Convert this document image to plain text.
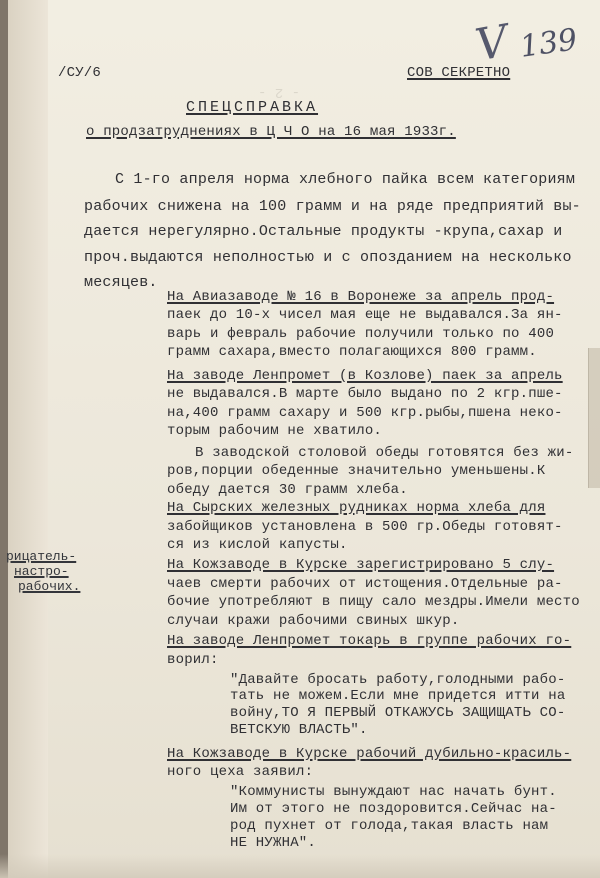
- 2 -
/СУ/6	СОВ СЕКРЕТНО
V 139
СПЕЦСПРАВКА
о продзатруднениях в Ц Ч О на 16 мая 1933г.
С 1-го апреля норма хлебного пайка всем категориям
рабочих снижена на 100 грамм и на ряде предприятий вы-
дается нерегулярно.Остальные продукты -крупа,сахар и
проч.выдаются неполностью и с опозданием на несколько
месяцев.
На Авиазаводе № 16 в Воронеже за апрель прод-
паек до 10-х чисел мая еще не выдавался.За ян-
варь и февраль рабочие получили только по 400
грамм сахара,вместо полагающихся 800 грамм.
На заводе Ленпромет (в Козлове) паек за апрель
не выдавался.В марте было выдано по 2 кгр.пше-
на,400 грамм сахару и 500 кгр.рыбы,пшена неко-
торым рабочим не хватило.
В заводской столовой обеды готовятся без жи-
ров,порции обеденные значительно уменьшены.К
обеду дается 30 грамм хлеба.
На Сырских железных рудниках норма хлеба для
забойщиков установлена в 500 гр.Обеды готовят-
ся из кислой капусты.
На Кожзаводе в Курске зарегистрировано 5 слу-
чаев смерти рабочих от истощения.Отдельные ра-
бочие употребляют в пищу сало мездры.Имели место
случаи кражи рабочими свиных шкур.
На заводе Ленпромет токарь в группе рабочих го-
ворил:
"Давайте бросать работу,голодными рабо-
тать не можем.Если мне придется итти на
войну,ТО Я ПЕРВЫЙ ОТКАЖУСЬ ЗАЩИЩАТЬ СО-
ВЕТСКУЮ ВЛАСТЬ".
На Кожзаводе в Курске рабочий дубильно-красиль-
ного цеха заявил:
"Коммунисты вынуждают нас начать бунт.
Им от этого не поздоровится.Сейчас на-
род пухнет от голода,такая власть нам
НЕ НУЖНА".
рицатель-
настро-
рабочих.
